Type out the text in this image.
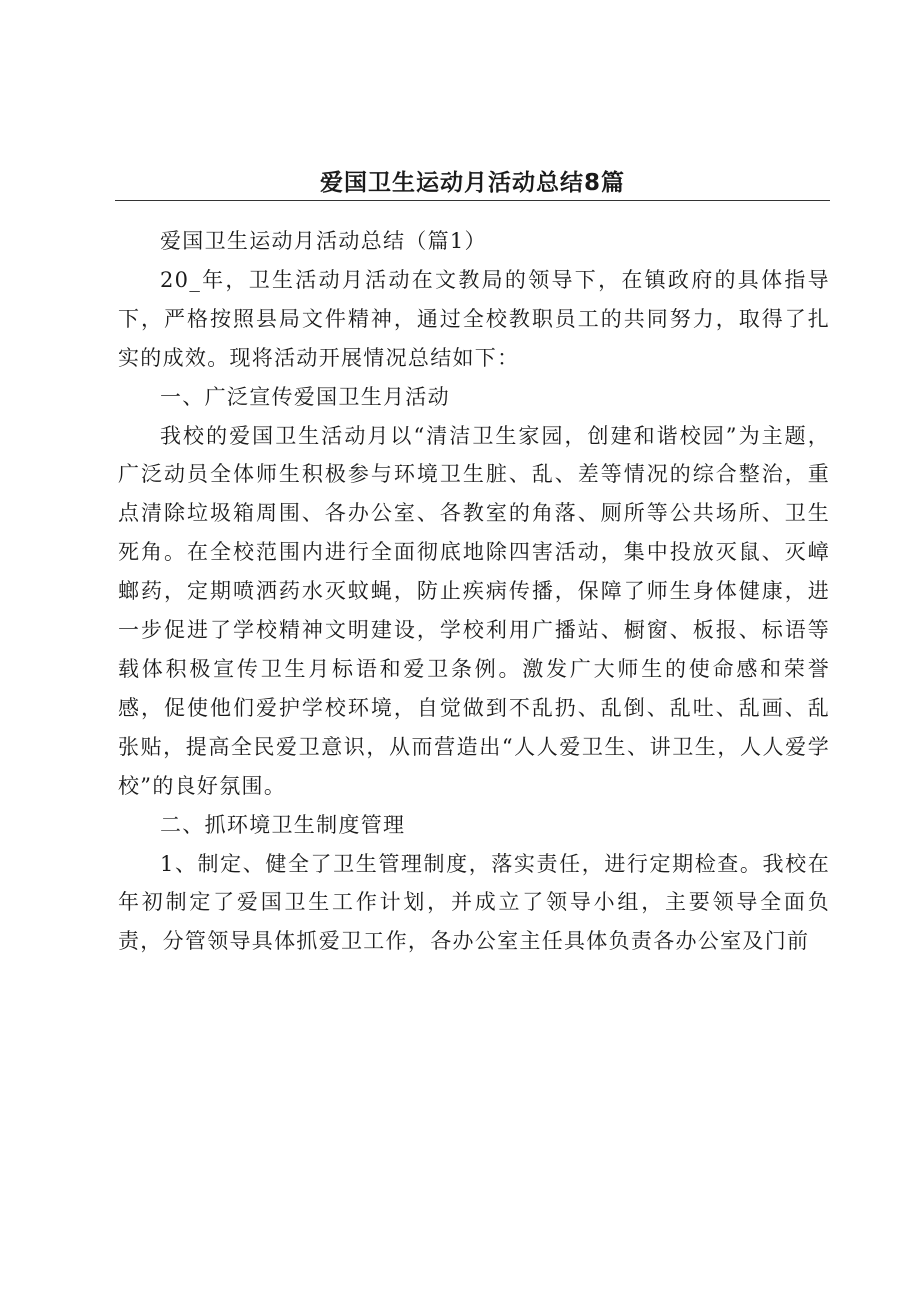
爱国卫生运动月活动总结8篇

爱国卫生运动月活动总结（篇1）

20_年，卫生活动月活动在文教局的领导下，在镇政府的具体指导下，严格按照县局文件精神，通过全校教职员工的共同努力，取得了扎实的成效。现将活动开展情况总结如下：

一、广泛宣传爱国卫生月活动

我校的爱国卫生活动月以“清洁卫生家园，创建和谐校园”为主题，广泛动员全体师生积极参与环境卫生脏、乱、差等情况的综合整治，重点清除垃圾箱周围、各办公室、各教室的角落、厕所等公共场所、卫生死角。在全校范围内进行全面彻底地除四害活动，集中投放灭鼠、灭嶂螂药，定期喷洒药水灭蚊蝇，防止疾病传播，保障了师生身体健康，进一步促进了学校精神文明建设，学校利用广播站、橱窗、板报、标语等载体积极宣传卫生月标语和爱卫条例。激发广大师生的使命感和荣誉感，促使他们爱护学校环境，自觉做到不乱扔、乱倒、乱吐、乱画、乱张贴，提高全民爱卫意识，从而营造出“人人爱卫生、讲卫生，人人爱学校”的良好氛围。

二、抓环境卫生制度管理

1、制定、健全了卫生管理制度，落实责任，进行定期检查。我校在年初制定了爱国卫生工作计划，并成立了领导小组，主要领导全面负责，分管领导具体抓爱卫工作，各办公室主任具体负责各办公室及门前
